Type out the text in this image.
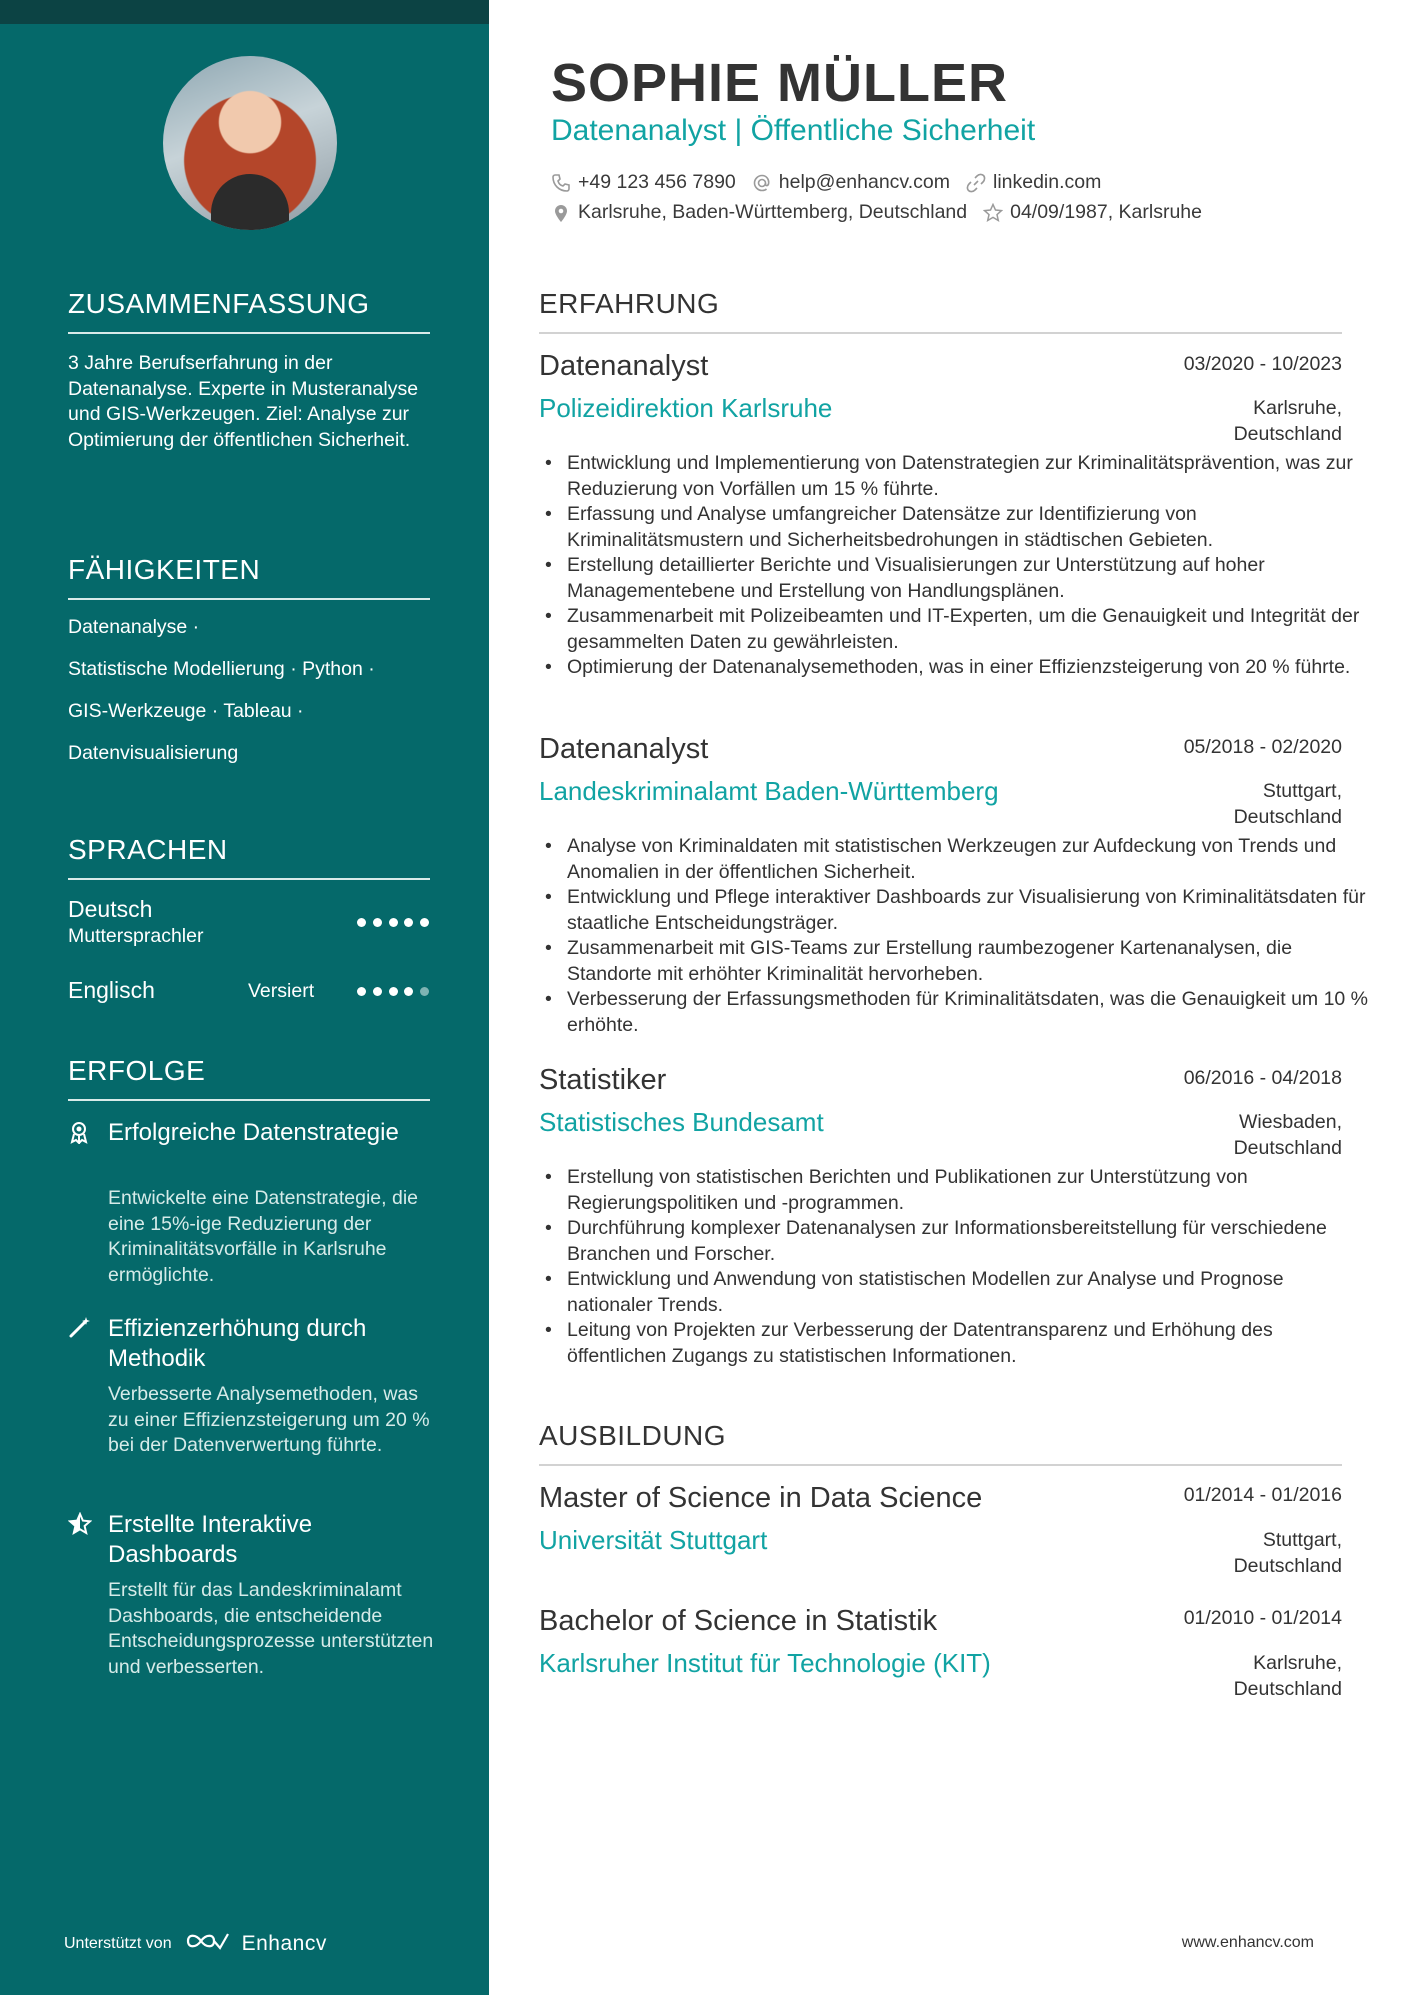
ZUSAMMENFASSUNG
3 Jahre Berufserfahrung in der Datenanalyse. Experte in Musteranalyse und GIS-Werkzeugen. Ziel: Analyse zur Optimierung der öffentlichen Sicherheit.
FÄHIGKEITEN
Datenanalyse ·
Statistische Modellierung · Python ·
GIS-Werkzeuge · Tableau ·
Datenvisualisierung
SPRACHEN
Deutsch
Muttersprachler
Englisch	Versiert
ERFOLGE
Erfolgreiche Datenstrategie
Entwickelte eine Datenstrategie, die eine 15%-ige Reduzierung der Kriminalitätsvorfälle in Karlsruhe ermöglichte.
Effizienzerhöhung durch Methodik
Verbesserte Analysemethoden, was zu einer Effizienzsteigerung um 20 % bei der Datenverwertung führte.
Erstellte Interaktive Dashboards
Erstellt für das Landeskriminalamt Dashboards, die entscheidende Entscheidungsprozesse unterstützten und verbesserten.
Unterstützt von	Enhancv
SOPHIE MÜLLER
Datenanalyst | Öffentliche Sicherheit
+49 123 456 7890 help@enhancv.com linkedin.com
Karlsruhe, Baden-Württemberg, Deutschland 04/09/1987, Karlsruhe
ERFAHRUNG
Datenanalyst	03/2020 - 10/2023
Polizeidirektion Karlsruhe	Karlsruhe, Deutschland
• Entwicklung und Implementierung von Datenstrategien zur Kriminalitätsprävention, was zur Reduzierung von Vorfällen um 15 % führte.
• Erfassung und Analyse umfangreicher Datensätze zur Identifizierung von Kriminalitätsmustern und Sicherheitsbedrohungen in städtischen Gebieten.
• Erstellung detaillierter Berichte und Visualisierungen zur Unterstützung auf hoher Managementebene und Erstellung von Handlungsplänen.
• Zusammenarbeit mit Polizeibeamten und IT-Experten, um die Genauigkeit und Integrität der gesammelten Daten zu gewährleisten.
• Optimierung der Datenanalysemethoden, was in einer Effizienzsteigerung von 20 % führte.
Datenanalyst	05/2018 - 02/2020
Landeskriminalamt Baden-Württemberg	Stuttgart, Deutschland
• Analyse von Kriminaldaten mit statistischen Werkzeugen zur Aufdeckung von Trends und Anomalien in der öffentlichen Sicherheit.
• Entwicklung und Pflege interaktiver Dashboards zur Visualisierung von Kriminalitätsdaten für staatliche Entscheidungsträger.
• Zusammenarbeit mit GIS-Teams zur Erstellung raumbezogener Kartenanalysen, die Standorte mit erhöhter Kriminalität hervorheben.
• Verbesserung der Erfassungsmethoden für Kriminalitätsdaten, was die Genauigkeit um 10 % erhöhte.
Statistiker	06/2016 - 04/2018
Statistisches Bundesamt	Wiesbaden, Deutschland
• Erstellung von statistischen Berichten und Publikationen zur Unterstützung von Regierungspolitiken und -programmen.
• Durchführung komplexer Datenanalysen zur Informationsbereitstellung für verschiedene Branchen und Forscher.
• Entwicklung und Anwendung von statistischen Modellen zur Analyse und Prognose nationaler Trends.
• Leitung von Projekten zur Verbesserung der Datentransparenz und Erhöhung des öffentlichen Zugangs zu statistischen Informationen.
AUSBILDUNG
Master of Science in Data Science	01/2014 - 01/2016
Universität Stuttgart	Stuttgart, Deutschland
Bachelor of Science in Statistik	01/2010 - 01/2014
Karlsruher Institut für Technologie (KIT)	Karlsruhe, Deutschland
www.enhancv.com
